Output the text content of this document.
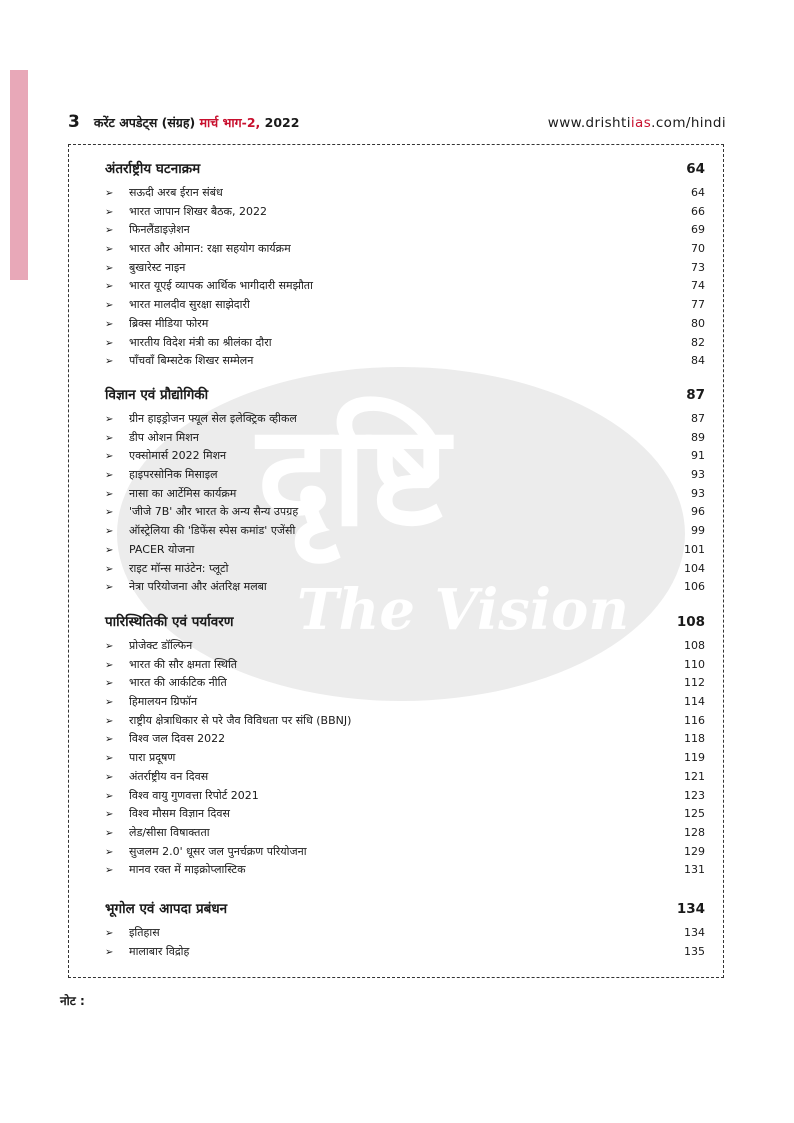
3 करेंट अपडेट्स (संग्रह) मार्च भाग-2, 2022	www.drishtiias.com/hindi
दृष्टि
The Vision
अंतर्राष्ट्रीय घटनाक्रम	64
➢	सऊदी अरब ईरान संबंध	64
➢	भारत जापान शिखर बैठक, 2022	66
➢	फिनलैंडाइज़ेशन	69
➢	भारत और ओमान: रक्षा सहयोग कार्यक्रम	70
➢	बुखारेस्ट नाइन	73
➢	भारत यूएई व्यापक आर्थिक भागीदारी समझौता	74
➢	भारत मालदीव सुरक्षा साझेदारी	77
➢	ब्रिक्स मीडिया फोरम	80
➢	भारतीय विदेश मंत्री का श्रीलंका दौरा	82
➢	पाँचवाँ बिम्सटेक शिखर सम्मेलन	84
विज्ञान एवं प्रौद्योगिकी	87
➢	ग्रीन हाइड्रोजन फ्यूल सेल इलेक्ट्रिक व्हीकल	87
➢	डीप ओशन मिशन	89
➢	एक्सोमार्स 2022 मिशन	91
➢	हाइपरसोनिक मिसाइल	93
➢	नासा का आर्टेमिस कार्यक्रम	93
➢	'जीजे 7B' और भारत के अन्य सैन्य उपग्रह	96
➢	ऑस्ट्रेलिया की 'डिफेंस स्पेस कमांड' एजेंसी	99
➢	PACER योजना	101
➢	राइट मॉन्स माउंटेन: प्लूटो	104
➢	नेत्रा परियोजना और अंतरिक्ष मलबा	106
पारिस्थितिकी एवं पर्यावरण	108
➢	प्रोजेक्ट डॉल्फिन	108
➢	भारत की सौर क्षमता स्थिति	110
➢	भारत की आर्कटिक नीति	112
➢	हिमालयन ग्रिफॉन	114
➢	राष्ट्रीय क्षेत्राधिकार से परे जैव विविधता पर संधि (BBNJ)	116
➢	विश्व जल दिवस 2022	118
➢	पारा प्रदूषण	119
➢	अंतर्राष्ट्रीय वन दिवस	121
➢	विश्व वायु गुणवत्ता रिपोर्ट 2021	123
➢	विश्व मौसम विज्ञान दिवस	125
➢	लेड/सीसा विषाक्तता	128
➢	सुजलम 2.0' धूसर जल पुनर्चक्रण परियोजना	129
➢	मानव रक्त में माइक्रोप्लास्टिक	131
भूगोल एवं आपदा प्रबंधन	134
➢	इतिहास	134
➢	मालाबार विद्रोह	135
नोट :
